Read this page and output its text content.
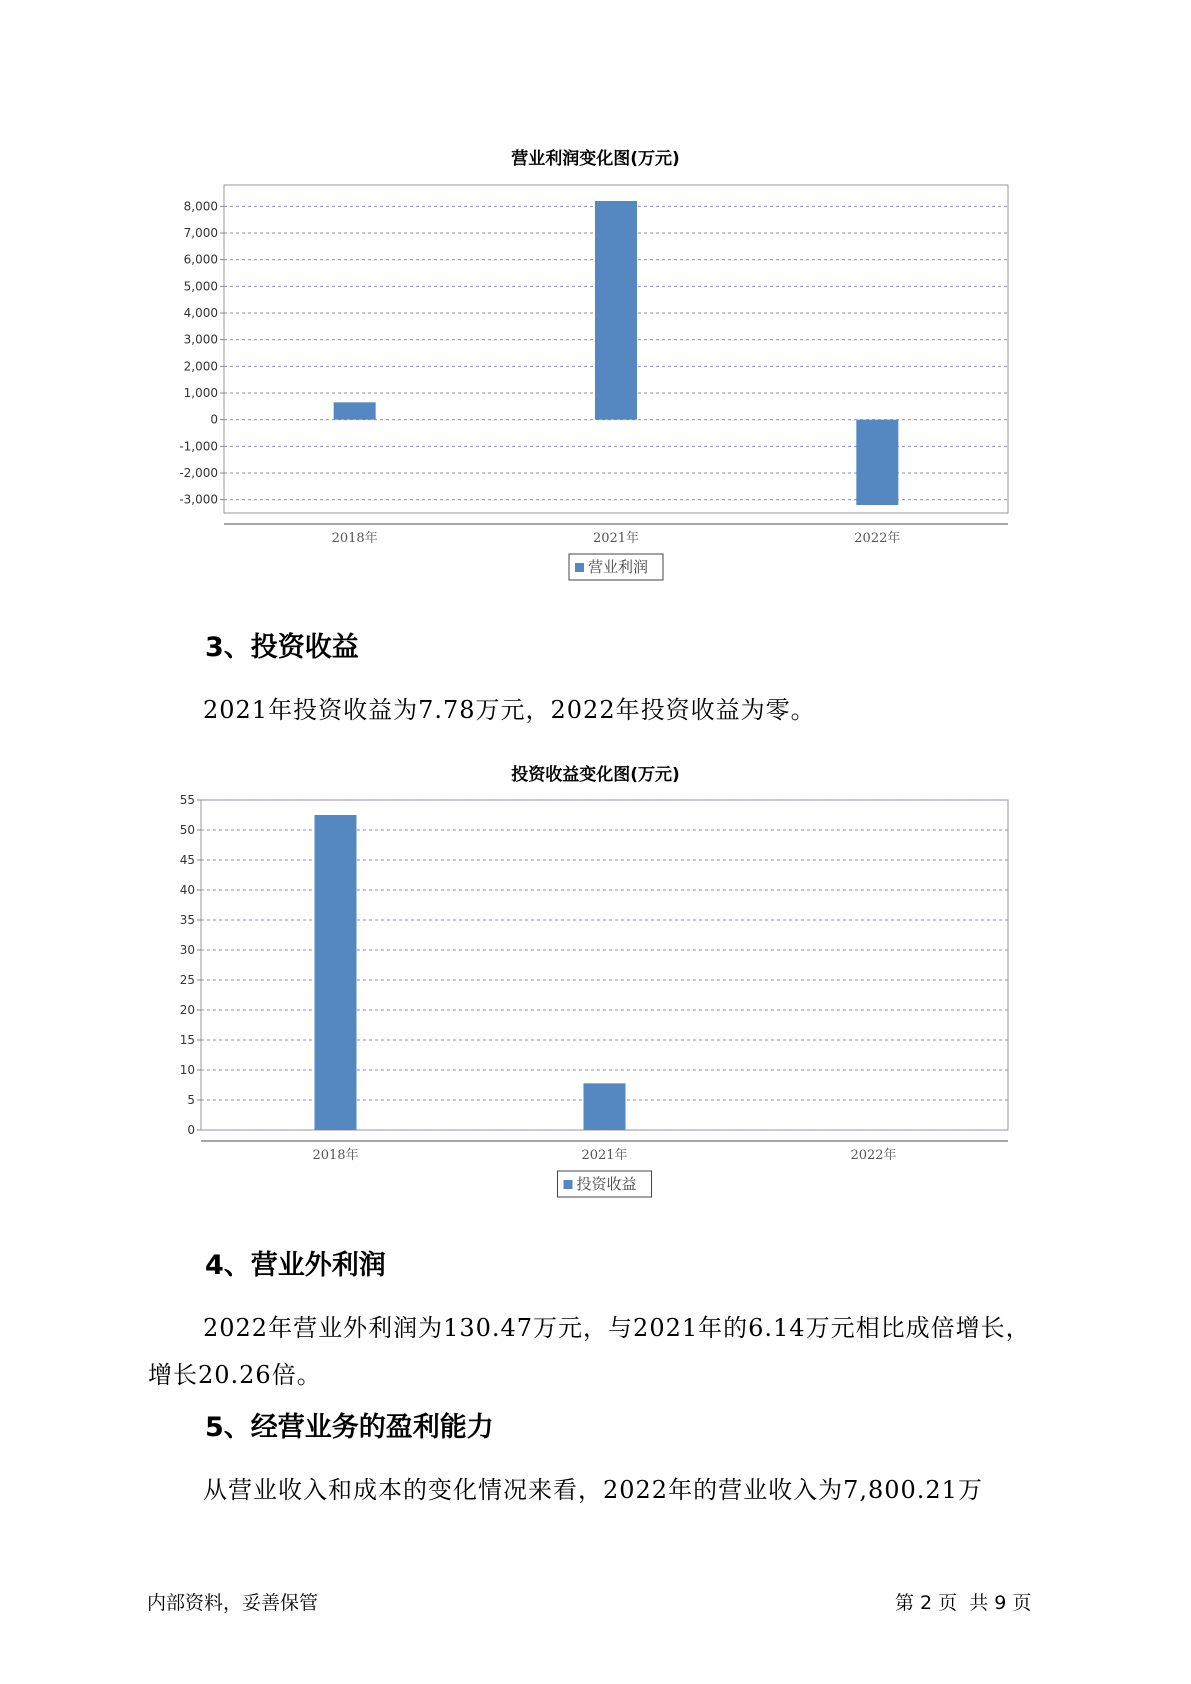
营业利润变化图(万元)
-3,000
-2,000
-1,000
0
1,000
2,000
3,000
4,000
5,000
6,000
7,000
8,000
2018年	2021年	2022年
营业利润
3、投资收益
2021年投资收益为7.78万元，2022年投资收益为零。
投资收益变化图(万元)
0
5
10
15
20
25
30
35
40
45
50
55
2018年	2021年	2022年
投资收益
4、营业外利润
2022年营业外利润为130.47万元，与2021年的6.14万元相比成倍增长，
增长20.26倍。
5、经营业务的盈利能力
从营业收入和成本的变化情况来看，2022年的营业收入为7,800.21万
内部资料，妥善保管	第 2 页  共 9 页
